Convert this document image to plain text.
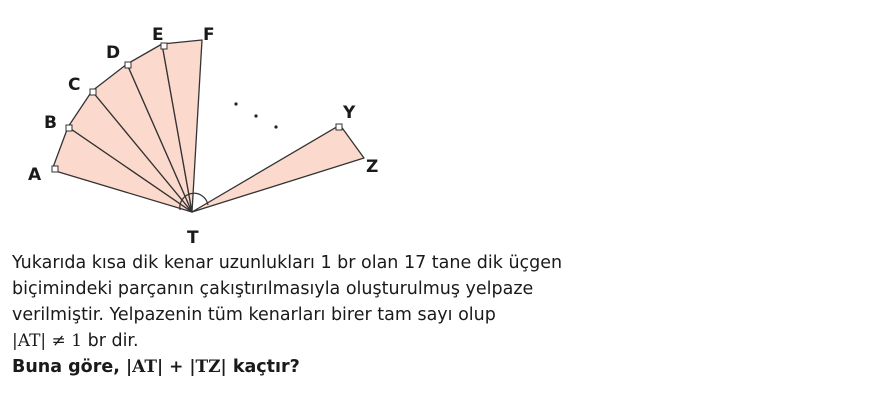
A
B
C
D
E F
Y
Z
T
Yukarıda kısa dik kenar uzunlukları 1 br olan 17 tane dik üçgen
biçimindeki parçanın çakıştırılmasıyla oluşturulmuş yelpaze
verilmiştir. Yelpazenin tüm kenarları birer tam sayı olup
|AT| ≠ 1 br dir.
Buna göre, |AT| + |TZ| kaçtır?
